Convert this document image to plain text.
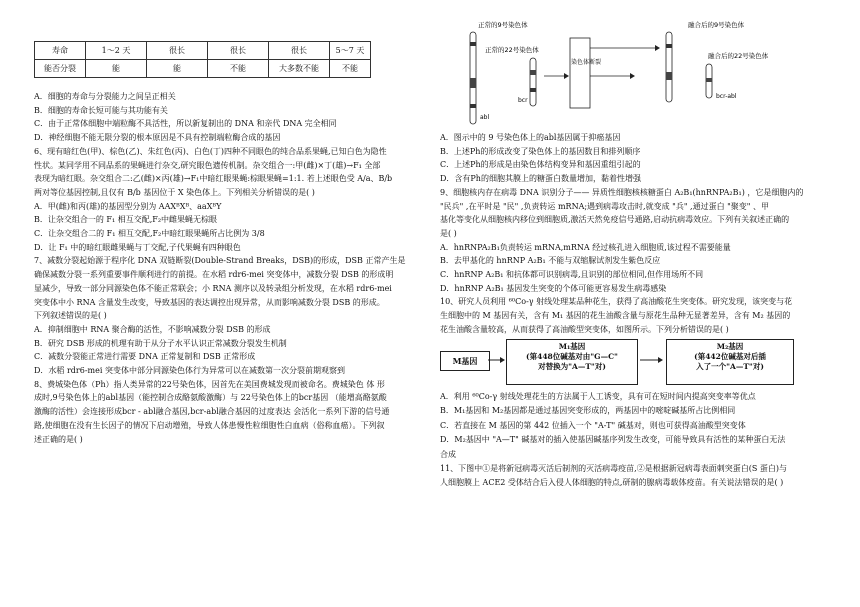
寿命	1～2 天	很长	很长	很长	5～7 天
能否分裂	能	能	不能	大多数不能	不能
A．细胞的寿命与分裂能力之间呈正相关
B．细胞的寿命长短可能与其功能有关
C．由于正常体细胞中端粒酶不具活性，所以新复制出的 DNA 和亲代 DNA 完全相同
D．神经细胞不能无限分裂的根本原因是不具有控制端粒酶合成的基因
6、现有暗红色(甲)、棕色(乙)、朱红色(丙)、白色(丁)四种不同眼色的纯合品系果蝇,已知白色为隐性
性状。某同学用不同品系的果蝇进行杂交,研究眼色遗传机制。杂交组合一:甲(雌)×丁(雄)→F₁ 全部
表现为暗红眼。杂交组合二:乙(雌)×丙(雄)→F₁中暗红眼果蝇:棕眼果蝇=1:1. 若上述眼色受 A/a、B/b
两对等位基因控制,且仅有 B/b 基因位于 X 染色体上。下列相关分析错误的是( )
A．甲(雌)和丙(雄)的基因型分别为 AAXᴮXᴮ、aaXᴮY
B．让杂交组合一的 F₁ 相互交配,F₂中雌果蝇无棕眼
C．让杂交组合二的 F₁ 相互交配,F₂中暗红眼果蝇所占比例为 3/8
D．让 F₁ 中的暗红眼雌果蝇与丁交配,子代果蝇有四种眼色
7、减数分裂起始源于程序化 DNA 双链断裂(Double-Strand Breaks，DSB)的形成，DSB 正常产生是
确保减数分裂一系列重要事件顺利进行的前提。在水稻 rdr6-mei 突变体中，减数分裂 DSB 的形成明
显减少，导致一部分同源染色体不能正常联会；小 RNA 测序以及转录组分析发现，在水稻 rdr6-mei
突变体中小 RNA 含量发生改变，导致基因的表达调控出现异常，从而影响减数分裂 DSB 的形成。
下列叙述错误的是( )
A．抑制细胞中 RNA 聚合酶的活性，不影响减数分裂 DSB 的形成
B．研究 DSB 形成的机理有助于从分子水平认识正常减数分裂发生机制
C．减数分裂能正常进行需要 DNA 正常复制和 DSB 正常形成
D．水稻 rdr6-mei 突变体中部分同源染色体行为异常可以在减数第一次分裂前期观察到
8、费城染色体（Ph）指人类异常的22号染色体，因首先在美国费城发现而被命名。费城染色 体 形
成时,9号染色体上的abl基因（能控制合成酪氨酸激酶）与 22号染色体上的bcr基因 （能增高酪氨酸
激酶的活性）会连接形成bcr - abl融合基因,bcr-abl融合基因的过度表达 会活化一系列下游的信号通
路,使细胞在没有生长因子的情况下启动增殖，导致人体患慢性粒细胞性白血病（俗称血癌）。下列叙
述正确的是( )
正常的9号染色体
abl
正常的22号染色体
bcr
染色体断裂
融合后的9号染色体
融合后的22号染色体
bcr-abl
A．图示中的 9 号染色体上的abl基因属于抑癌基因
B．上述Ph的形成改变了染色体上的基因数目和排列顺序
C．上述Ph的形成是由染色体结构变异和基因重组引起的
D．含有Ph的细胞其膜上的糖蛋白数量增加，黏着性增强
9、细胞核内存在病毒 DNA 识别分子—— 异质性细胞核核糖蛋白 A₂B₁(hnRNPA₂B₁) ，它是细胞内的
"民兵" ,在平时是 "民" ,负责转运 mRNA;遇到病毒攻击时,就变成 "兵" ,通过蛋白 "聚变" 、甲
基化等变化从细胞核内移位到细胞质,激活天然免疫信号通路,启动抗病毒效应。下列有关叙述正确的
是( )
A．hnRNPA₂B₁负责转运 mRNA,mRNA 经过核孔进入细胞质,该过程不需要能量
B．去甲基化的 hnRNP A₂B₁ 不能与双缩脲试剂发生紫色反应
C．hnRNP A₂B₁ 和抗体都可识别病毒,且识别的部位相同,但作用场所不同
D．hnRNP A₂B₁ 基因发生突变的个体可能更容易发生病毒感染
10、研究人员利用 ⁶⁰Co-γ 射线处理某品种花生，获得了高油酸花生突变体。研究发现，该突变与花
生细胞中的 M 基因有关，含有 M₁ 基因的花生油酸含量与原花生品种无显著差异，含有 M₂ 基因的
花生油酸含量较高，从而获得了高油酸型突变体，如图所示。下列分析错误的是( )
M基因
M₁基因
(第448位碱基对由"G—C"
对替换为"A—T"对)
M₂基因
(第442位碱基对后插
入了一个"A—T"对)
A．利用 ⁶⁰Co-γ 射线处理花生的方法属于人工诱变，具有可在短时间内提高突变率等优点
B．M₁基因和 M₂基因都是通过基因突变形成的，两基因中的嘧啶碱基所占比例相同
C．若直接在 M 基因的第 442 位插入一个 "A-T" 碱基对，则也可获得高油酸型突变体
D．M₂基因中 "A—T" 碱基对的插入使基因碱基序列发生改变，可能导致具有活性的某种蛋白无法
合成
11、下图中①是将新冠病毒灭活后制剂的灭活病毒疫苗,②是根据新冠病毒表面刺突蛋白(S 蛋白)与
人细胞膜上 ACE2 受体结合后入侵人体细胞的特点,研制的腺病毒载体疫苗。有关说法错误的是( )
